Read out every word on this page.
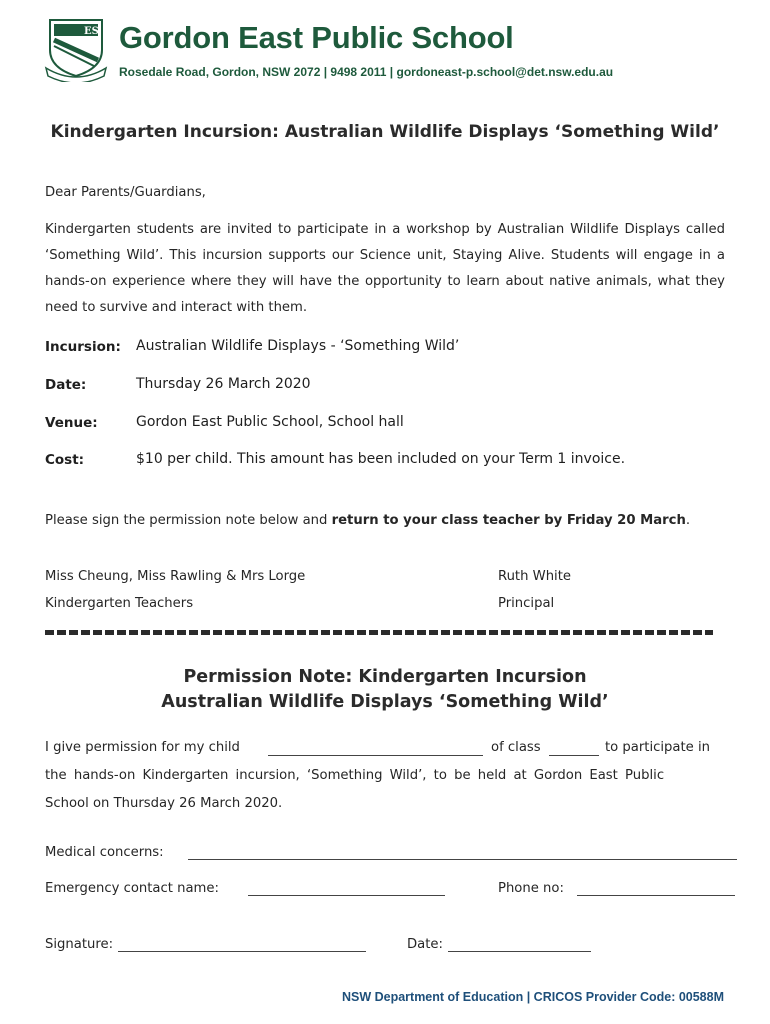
ES Gordon East Public School
Rosedale Road, Gordon, NSW 2072 | 9498 2011 | gordoneast-p.school@det.nsw.edu.au
Kindergarten Incursion: Australian Wildlife Displays ‘Something Wild’
Dear Parents/Guardians,
Kindergarten students are invited to participate in a workshop by Australian Wildlife Displays called ‘Something Wild’. This incursion supports our Science unit, Staying Alive. Students will engage in a hands-on experience where they will have the opportunity to learn about native animals, what they need to survive and interact with them.
Incursion: Australian Wildlife Displays - ‘Something Wild’
Date:	Thursday 26 March 2020
Venue:	Gordon East Public School, School hall
Cost:	$10 per child. This amount has been included on your Term 1 invoice.
Please sign the permission note below and return to your class teacher by Friday 20 March.
Miss Cheung, Miss Rawling & Mrs Lorge
Kindergarten Teachers
Ruth White
Principal
Permission Note: Kindergarten Incursion
Australian Wildlife Displays ‘Something Wild’
I give permission for my child	of class	to participate in
the hands-on Kindergarten incursion, ‘Something Wild’, to be held at Gordon East Public
School on Thursday 26 March 2020.
Medical concerns:
Emergency contact name:	Phone no:
Signature:	Date:
NSW Department of Education | CRICOS Provider Code: 00588M
